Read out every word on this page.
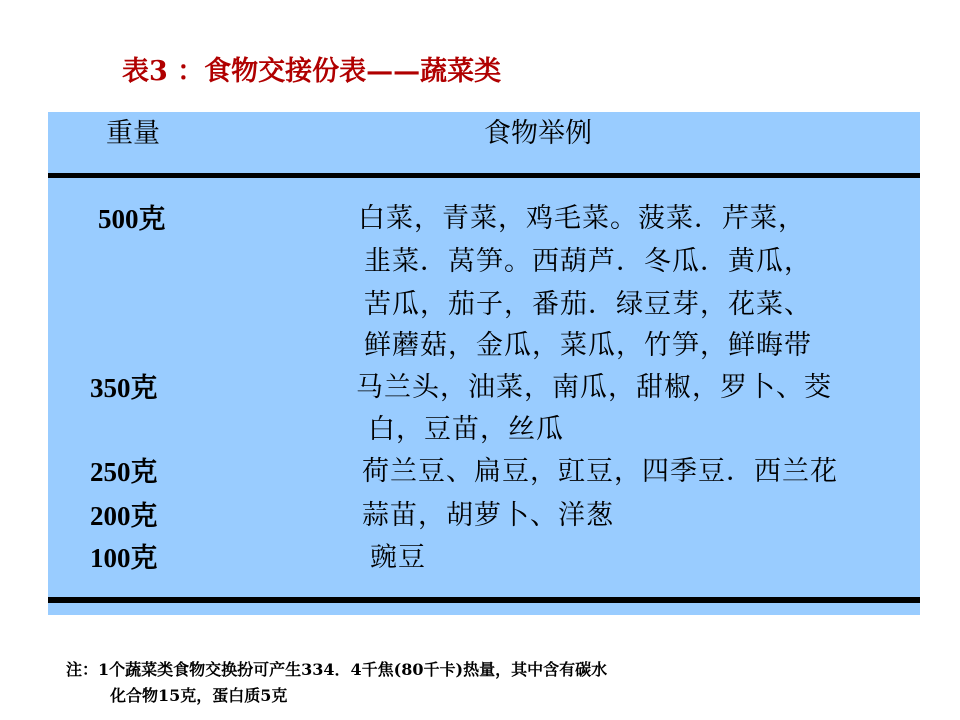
表3 ：食物交接份表——蔬菜类
重量	食物举例
500克	白菜，青菜，鸡毛菜。菠菜．芹菜，
韭菜．莴笋。西葫芦．冬瓜．黄瓜，
苦瓜，茄子，番茄．绿豆芽，花菜、
鲜蘑菇，金瓜，菜瓜，竹笋，鲜晦带
350克	马兰头，油菜，南瓜，甜椒，罗卜、茭
白，豆苗，丝瓜
250克	荷兰豆、扁豆，豇豆，四季豆．西兰花
200克	蒜苗，胡萝卜、洋葱
100克	豌豆
注：1个蔬菜类食物交换扮可产生334．4千焦(80千卡)热量，其中含有碳水
化合物15克，蛋白质5克
